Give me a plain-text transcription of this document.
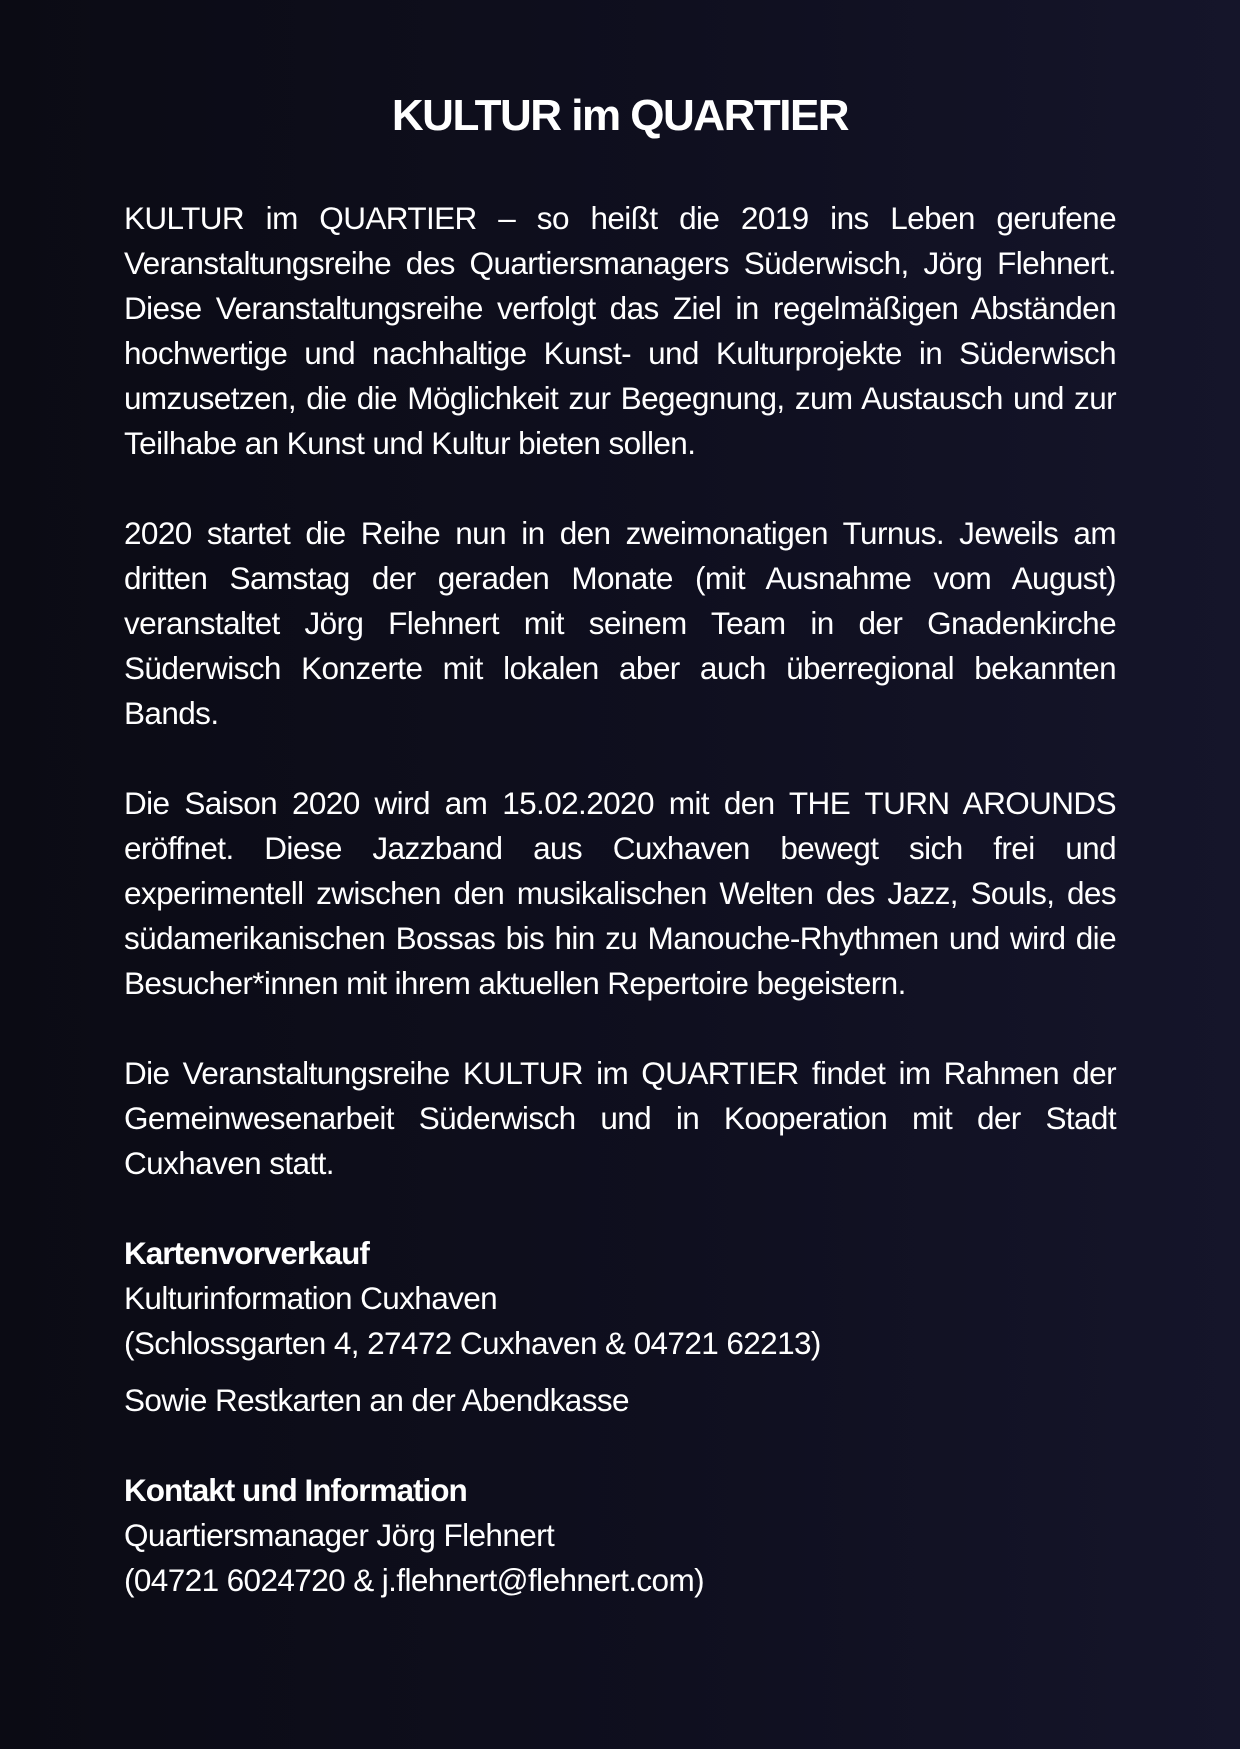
KULTUR im QUARTIER

KULTUR im QUARTIER – so heißt die 2019 ins Leben gerufene Veranstaltungsreihe des Quartiersmanagers Süderwisch, Jörg Flehnert. Diese Veranstaltungsreihe verfolgt das Ziel in regelmäßigen Abständen hochwertige und nachhaltige Kunst- und Kulturprojekte in Süderwisch umzusetzen, die die Möglichkeit zur Begegnung, zum Austausch und zur Teilhabe an Kunst und Kultur bieten sollen.

2020 startet die Reihe nun in den zweimonatigen Turnus. Jeweils am dritten Samstag der geraden Monate (mit Ausnahme vom August) veranstaltet Jörg Flehnert mit seinem Team in der Gnadenkirche Süderwisch Konzerte mit lokalen aber auch überregional bekannten Bands.

Die Saison 2020 wird am 15.02.2020 mit den THE TURN AROUNDS eröffnet. Diese Jazzband aus Cuxhaven bewegt sich frei und experimentell zwischen den musikalischen Welten des Jazz, Souls, des südamerikanischen Bossas bis hin zu Manouche-Rhythmen und wird die Besucher*innen mit ihrem aktuellen Repertoire begeistern.

Die Veranstaltungsreihe KULTUR im QUARTIER findet im Rahmen der Gemeinwesenarbeit Süderwisch und in Kooperation mit der Stadt Cuxhaven statt.

Kartenvorverkauf
Kulturinformation Cuxhaven
(Schlossgarten 4, 27472 Cuxhaven & 04721 62213)
Sowie Restkarten an der Abendkasse
Kontakt und Information
Quartiersmanager Jörg Flehnert
(04721 6024720 & j.flehnert@flehnert.com)
